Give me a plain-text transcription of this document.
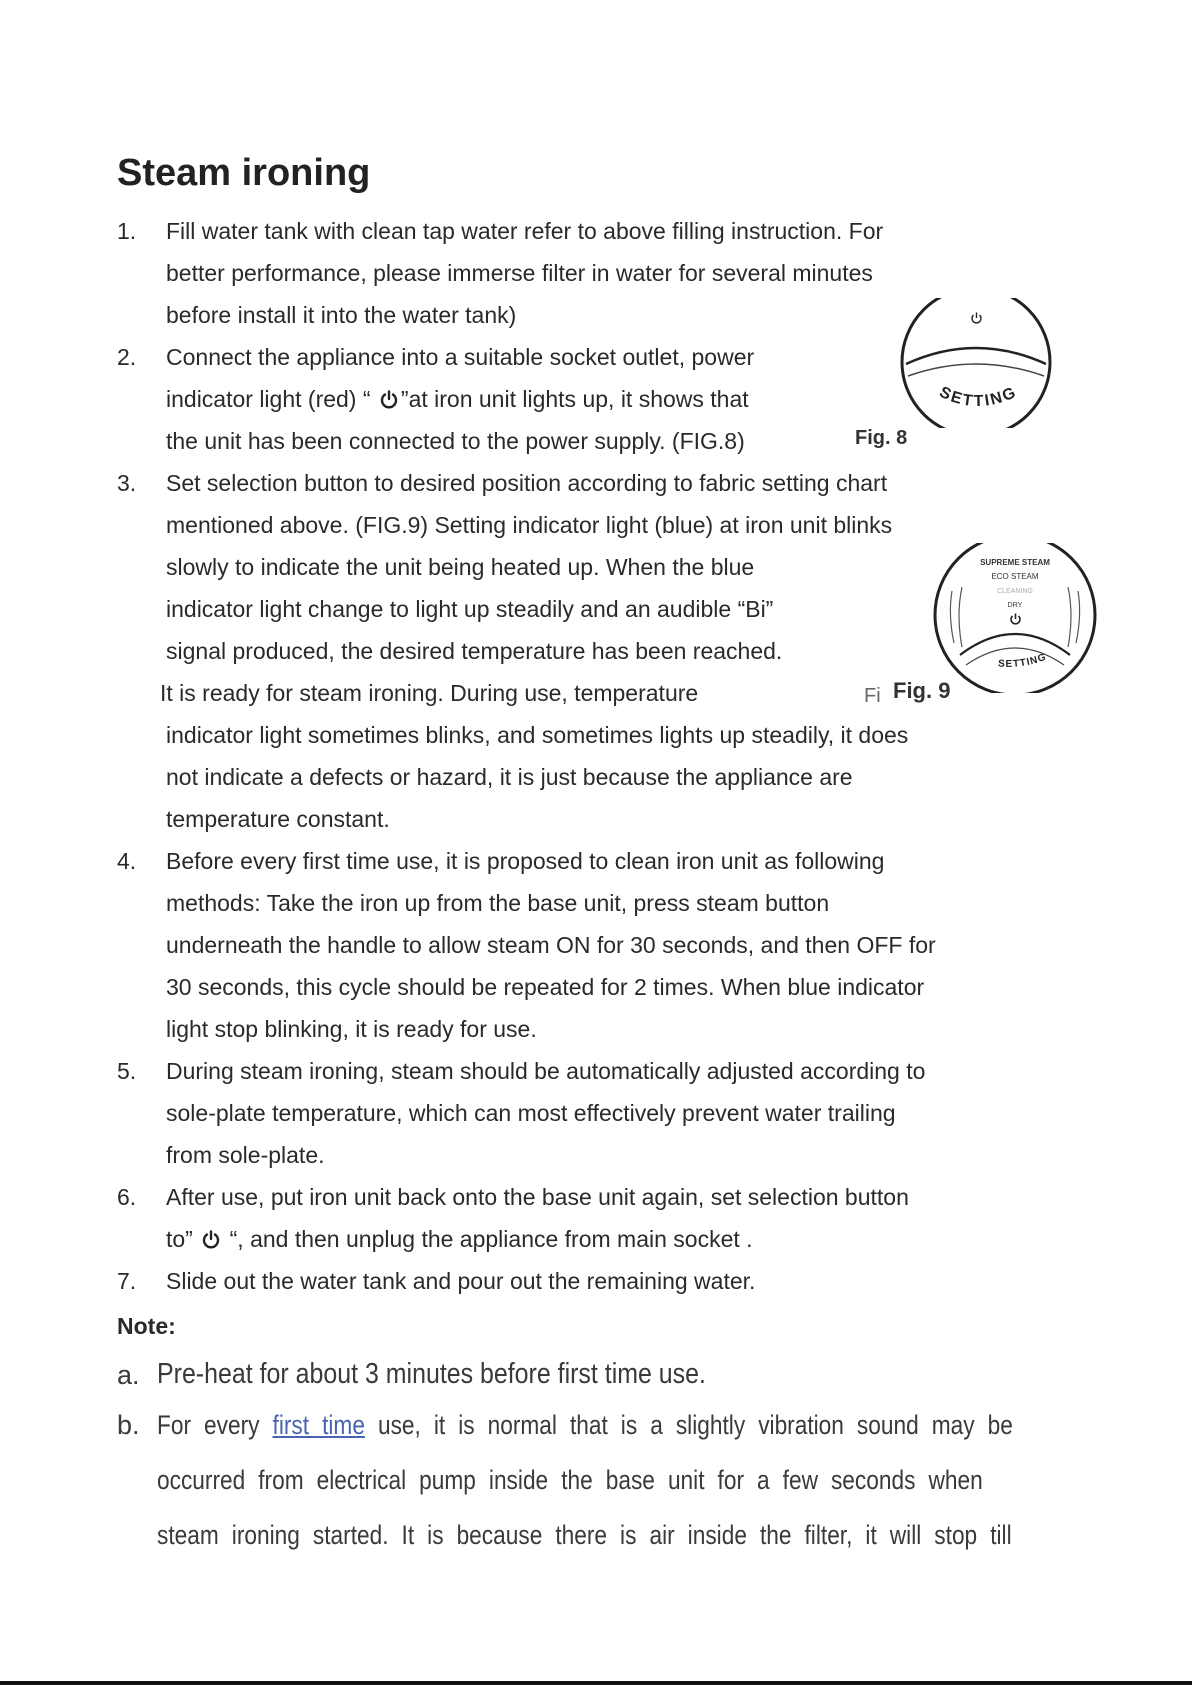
Steam ironing
1. Fill water tank with clean tap water refer to above filling instruction. For
better performance, please immerse filter in water for several minutes
before install it into the water tank)
2. Connect the appliance into a suitable socket outlet, power
indicator light (red) “ ”at iron unit lights up, it shows that
the unit has been connected to the power supply. (FIG.8)
3. Set selection button to desired position according to fabric setting chart
mentioned above. (FIG.9) Setting indicator light (blue) at iron unit blinks
slowly to indicate the unit being heated up. When the blue
indicator light change to light up steadily and an audible “Bi”
signal produced, the desired temperature has been reached.
It is ready for steam ironing. During use, temperature
indicator light sometimes blinks, and sometimes lights up steadily, it does
not indicate a defects or hazard, it is just because the appliance are
temperature constant.
4. Before every first time use, it is proposed to clean iron unit as following
methods: Take the iron up from the base unit, press steam button
underneath the handle to allow steam ON for 30 seconds, and then OFF for
30 seconds, this cycle should be repeated for 2 times. When blue indicator
light stop blinking, it is ready for use.
5. During steam ironing, steam should be automatically adjusted according to
sole-plate temperature, which can most effectively prevent water trailing
from sole-plate.
6. After use, put iron unit back onto the base unit again, set selection button
to”  “, and then unplug the appliance from main socket .
7. Slide out the water tank and pour out the remaining water.
SETTING
Fig. 8
SUPREME STEAM
ECO STEAM
CLEANING
DRY
SETTING
Fi Fig. 9
Note:
a. Pre-heat for about 3 minutes before first time use.
b. For every first time use, it is normal that is a slightly vibration sound may be
occurred from electrical pump inside the base unit for a few seconds when
steam ironing started. It is because there is air inside the filter, it will stop till
